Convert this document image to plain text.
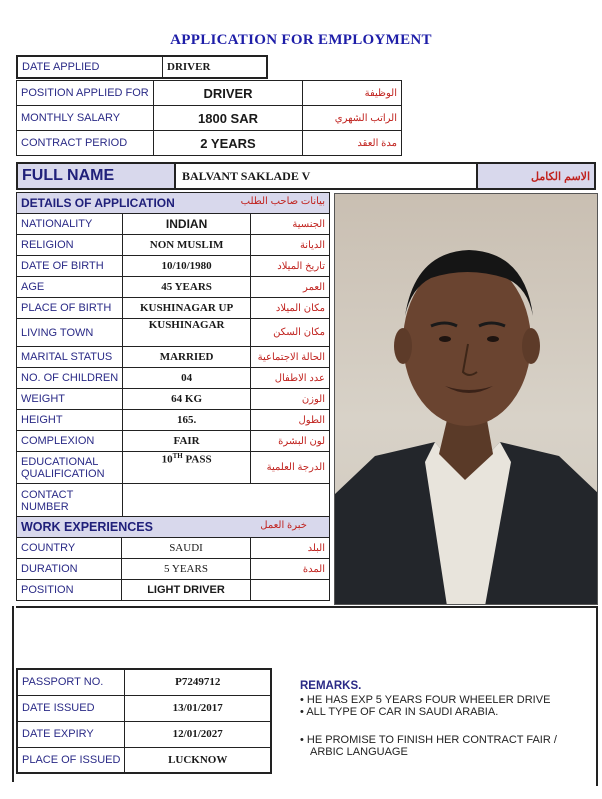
APPLICATION FOR EMPLOYMENT
DATE APPLIED	DRIVER
POSITION APPLIED FOR	DRIVER	الوظيفة
MONTHLY SALARY	1800 SAR	الراتب الشهري
CONTRACT PERIOD	2 YEARS	مدة العقد
FULL NAME	BALVANT SAKLADE V	الاسم الكامل
DETAILS OF APPLICATION بيانات صاحب الطلب		

NATIONALITY	INDIAN	الجنسية
RELIGION	NON MUSLIM	الديانة
DATE OF BIRTH	10/10/1980	تاريخ الميلاد
AGE	45 YEARS	العمر
PLACE OF BIRTH	KUSHINAGAR UP	مكان الميلاد
LIVING TOWN	KUSHINAGAR	مكان السكن
MARITAL STATUS	MARRIED	الحالة الاجتماعية
NO. OF CHILDREN	04	عدد الاطفال
WEIGHT	64 KG	الوزن
HEIGHT	165.	الطول
COMPLEXION	FAIR	لون البشرة
EDUCATIONAL QUALIFICATION	10TH PASS	الدرجة العلمية
CONTACT NUMBER		
WORK EXPERIENCES خبرة العمل		

COUNTRY	SAUDI	البلد
DURATION	5 YEARS	المدة
POSITION	LIGHT DRIVER	
PASSPORT NO.	P7249712
DATE ISSUED	13/01/2017
DATE EXPIRY	12/01/2027
PLACE OF ISSUED	LUCKNOW
REMARKS.
• HE HAS EXP 5 YEARS FOUR WHEELER DRIVE
• ALL TYPE OF CAR IN SAUDI ARABIA.
• HE PROMISE TO FINISH HER CONTRACT FAIR / ARBIC LANGUAGE
